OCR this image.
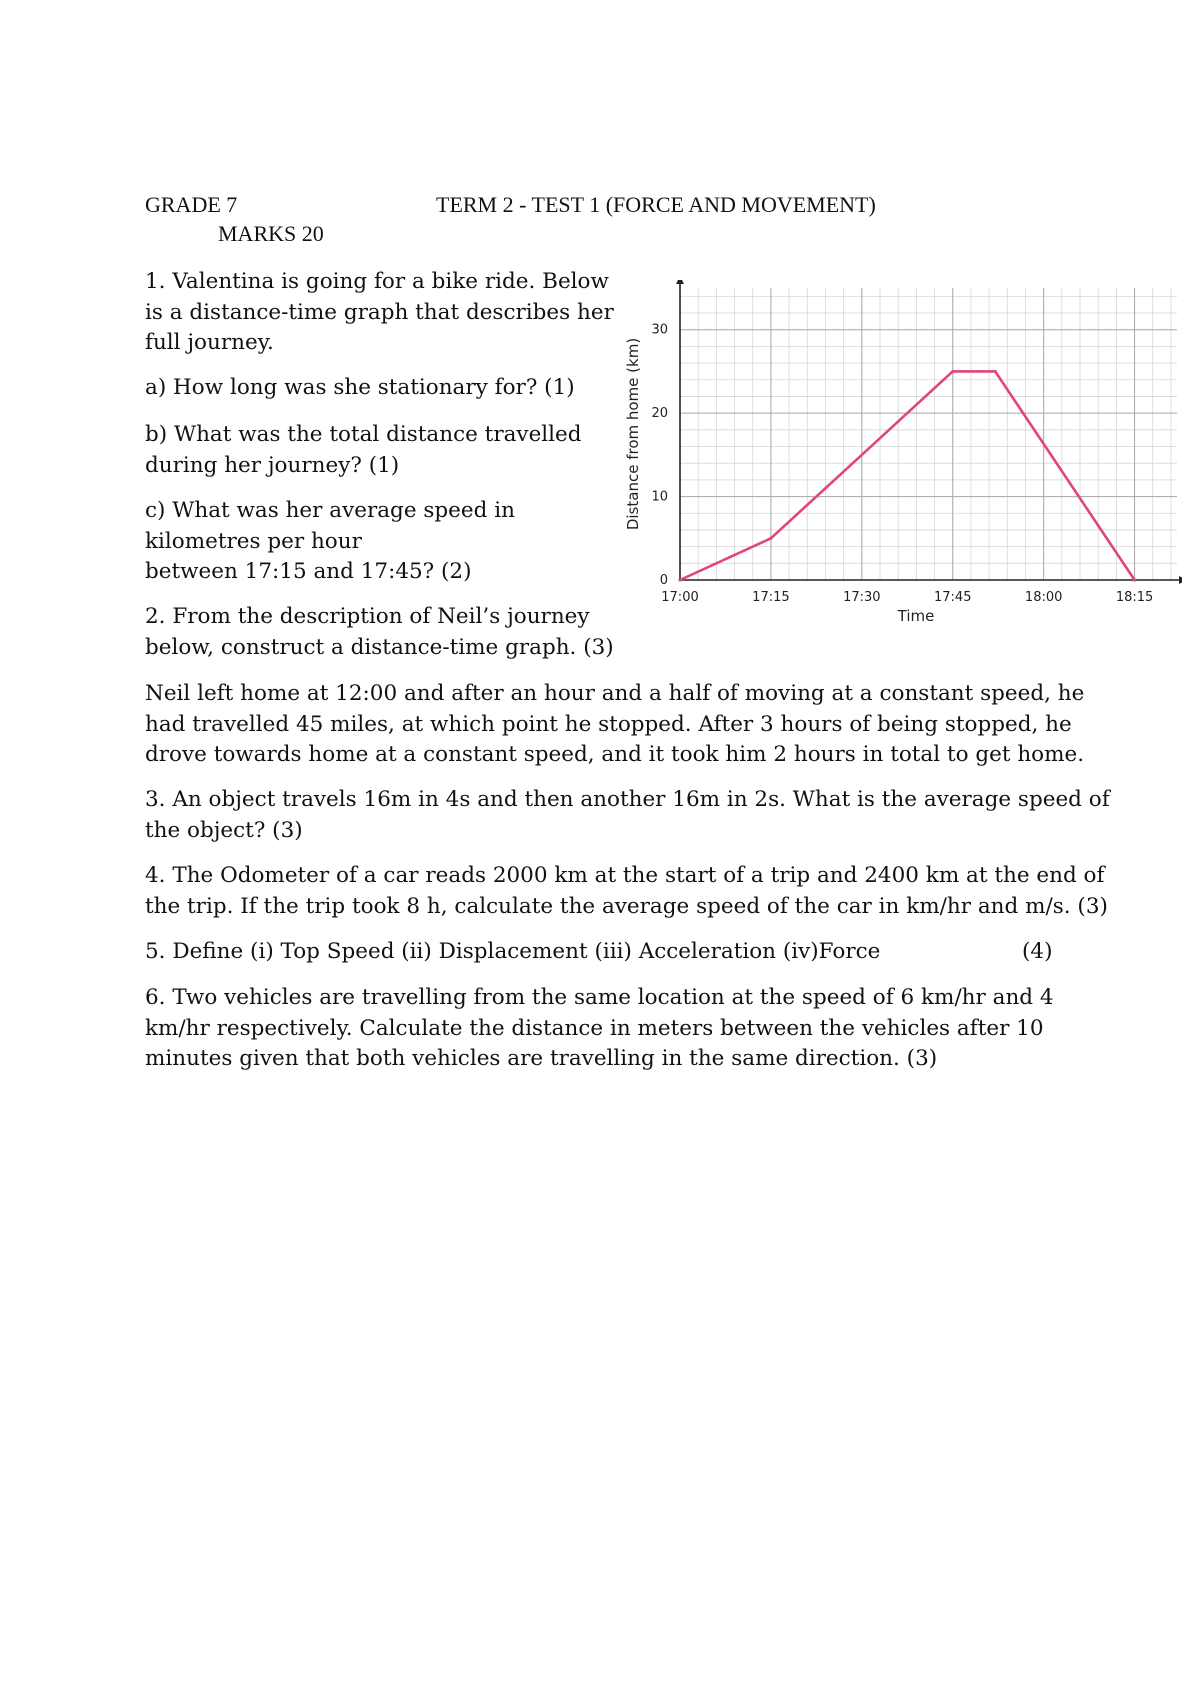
GRADE 7	TERM 2 - TEST 1 (FORCE AND MOVEMENT)
MARKS 20
1. Valentina is going for a bike ride. Below
is a distance-time graph that describes her
full journey.
a) How long was she stationary for? (1)
b) What was the total distance travelled
during her journey? (1)
c) What was her average speed in
kilometres per hour
between 17:15 and 17:45? (2)
2. From the description of Neil’s journey
below, construct a distance-time graph. (3)
Neil left home at 12:00 and after an hour and a half of moving at a constant speed, he
had travelled 45 miles, at which point he stopped. After 3 hours of being stopped, he
drove towards home at a constant speed, and it took him 2 hours in total to get home.
3. An object travels 16m in 4s and then another 16m in 2s. What is the average speed of
the object? (3)
4. The Odometer of a car reads 2000 km at the start of a trip and 2400 km at the end of
the trip. If the trip took 8 h, calculate the average speed of the car in km/hr and m/s. (3)
5. Define (i) Top Speed (ii) Displacement (iii) Acceleration (iv)Force	(4)
6. Two vehicles are travelling from the same location at the speed of 6 km/hr and 4
km/hr respectively. Calculate the distance in meters between the vehicles after 10
minutes given that both vehicles are travelling in the same direction. (3)
17:00	17:15	17:30	17:45	18:00	18:15
0
10
20
30
Time
Distance from home (km)
